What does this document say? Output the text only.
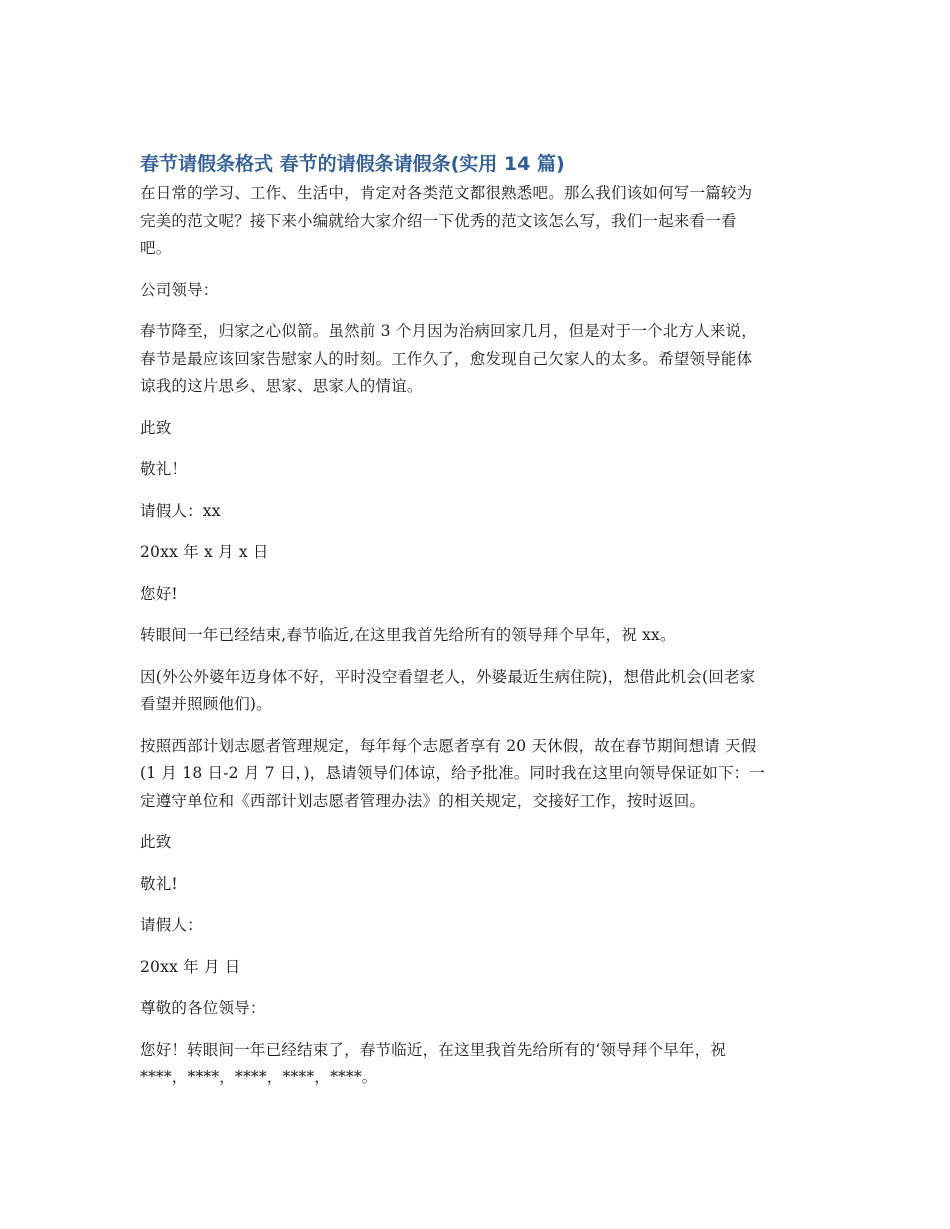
春节请假条格式 春节的请假条请假条(实用 14 篇)

在日常的学习、工作、生活中，肯定对各类范文都很熟悉吧。那么我们该如何写一篇较为
完美的范文呢？接下来小编就给大家介绍一下优秀的范文该怎么写，我们一起来看一看
吧。

公司领导：

春节降至，归家之心似箭。虽然前 3 个月因为治病回家几月，但是对于一个北方人来说，
春节是最应该回家告慰家人的时刻。工作久了，愈发现自己欠家人的太多。希望领导能体
谅我的这片思乡、思家、思家人的情谊。

此致

敬礼！

请假人：xx

20xx 年 x 月 x 日

您好!

转眼间一年已经结束,春节临近,在这里我首先给所有的领导拜个早年，祝 xx。

因(外公外婆年迈身体不好，平时没空看望老人，外婆最近生病住院)，想借此机会(回老家
看望并照顾他们)。

按照西部计划志愿者管理规定，每年每个志愿者享有 20 天休假，故在春节期间想请 天假
(1 月 18 日-2 月 7 日，)，恳请领导们体谅，给予批准。同时我在这里向领导保证如下：一
定遵守单位和《西部计划志愿者管理办法》的相关规定，交接好工作，按时返回。

此致

敬礼!

请假人：

20xx 年 月 日

尊敬的各位领导：

您好！转眼间一年已经结束了，春节临近，在这里我首先给所有的‘领导拜个早年，祝
****，****，****，****，****。
